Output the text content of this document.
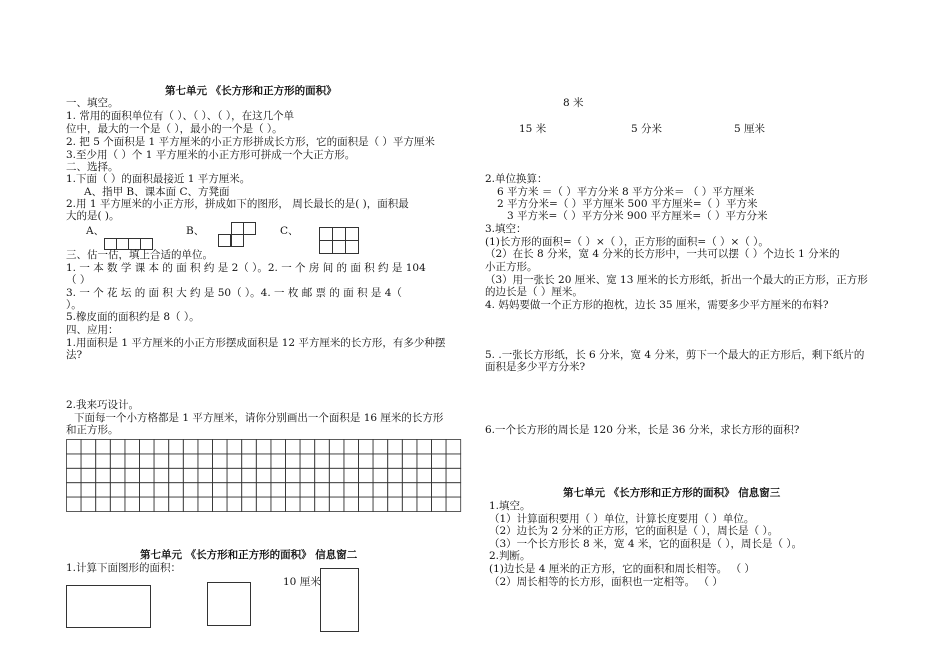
第七单元 《长方形和正方形的面积》
一、填空。
1. 常用的面积单位有（ ）、（ ）、（ ），在这几个单
位中，最大的一个是（ ），最小的一个是（ ）。
2. 把 5 个面积是 1 平方厘米的小正方形拼成长方形，它的面积是（ ）平方厘米
3.至少用（ ）个 1 平方厘米的小正方形可拼成一个大正方形。
二、选择。
1.下面（ ）的面积最接近 1 平方厘米。
A、指甲 B、课本面 C、方凳面
2.用 1 平方厘米的小正方形，拼成如下的图形， 周长最长的是( )，面积最
大的是( )。
A、	B、	C、
三、估一估，填上合适的单位。
1. 一 本 数 学 课 本 的 面 积 约 是 2（ ）。2. 一 个 房 间 的 面 积 约 是 104
（ ）
3. 一 个 花 坛 的 面 积 大 约 是 50（ ）。4. 一 枚 邮 票 的 面 积 是 4（
）。
5.橡皮面的面积约是 8（ ）。
四、应用：
1.用面积是 1 平方厘米的小正方形摆成面积是 12 平方厘米的长方形，有多少种摆
法?
2.我来巧设计。
下面每一个小方格都是 1 平方厘米，请你分别画出一个面积是 16 厘米的长方形
和正方形。
第七单元 《长方形和正方形的面积》 信息窗二
1.计算下面图形的面积：
10 厘米
8 米
15 米	5 分米	5 厘米
2.单位换算：
6 平方米 ＝（ ）平方分米 8 平方分米＝ （ ）平方厘米
2 平方分米=（ ）平方厘米 500 平方厘米=（ ）平方米
3 平方米=（ ）平方分米 900 平方厘米=（ ）平方分米
3.填空：
(1)长方形的面积=（ ）×（ ），正方形的面积=（ ）×（ ）。
（2）在长 8 分米，宽 4 分米的长方形中，一共可以摆（ ）个边长 1 分米的
小正方形。
（3）用一张长 20 厘米、宽 13 厘米的长方形纸，折出一个最大的正方形，正方形
的边长是（ ）厘米。
4. 妈妈要做一个正方形的抱枕，边长 35 厘米，需要多少平方厘米的布料?
5. .一张长方形纸，长 6 分米，宽 4 分米，剪下一个最大的正方形后，剩下纸片的
面积是多少平方分米?
6.一个长方形的周长是 120 分米，长是 36 分米，求长方形的面积?
第七单元 《长方形和正方形的面积》 信息窗三
1.填空。
（1）计算面积要用（ ）单位，计算长度要用（ ）单位。
（2）边长为 2 分米的正方形，它的面积是（ ），周长是（ ）。
（3）一个长方形长 8 米，宽 4 米，它的面积是（ ），周长是（ ）。
2.判断。
(1)边长是 4 厘米的正方形，它的面积和周长相等。 （ ）
（2）周长相等的长方形，面积也一定相等。 （ ）
